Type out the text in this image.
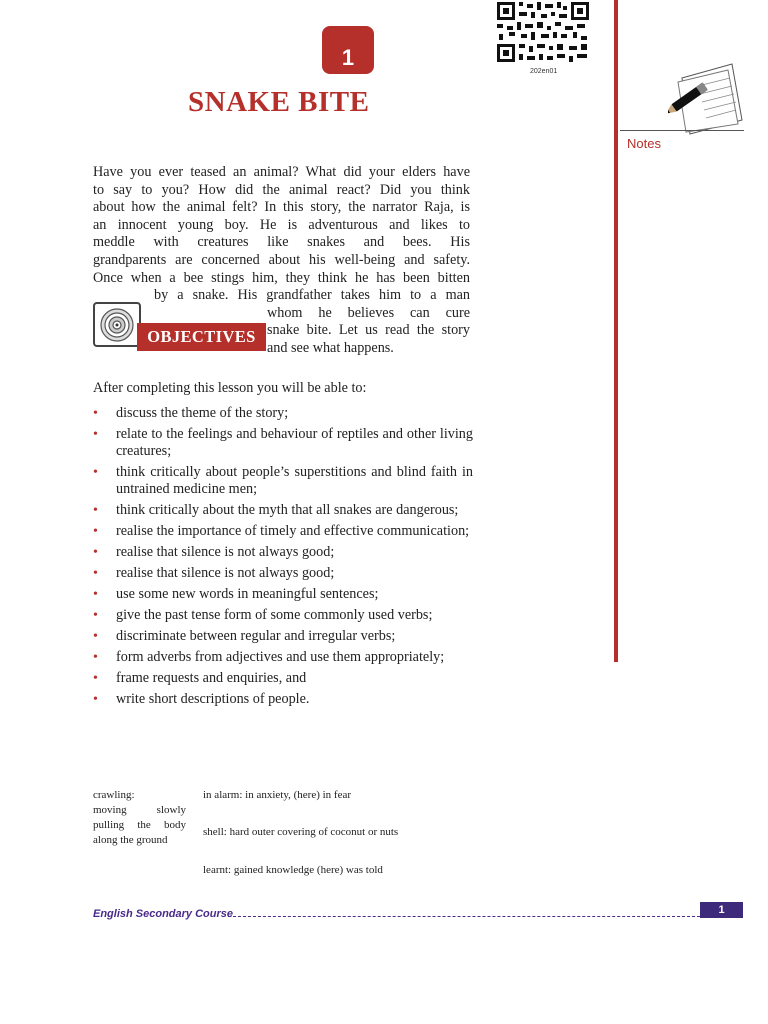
1
SNAKE BITE
202en01
Notes
Have you ever teased an animal? What did your elders have
to say to you? How did the animal react? Did you think
about how the animal felt? In this story, the narrator Raja, is
an innocent young boy. He is adventurous and likes to
meddle with creatures like snakes and bees. His
grandparents are concerned about his well-being and safety.
Once when a bee stings him, they think he has been bitten
by a snake. His grandfather takes him to a man
whom he believes can cure
snake bite. Let us read the story
and see what happens.
OBJECTIVES
After completing this lesson you will be able to:
• discuss the theme of the story;
• relate to the feelings and behaviour of reptiles and other living creatures;
• think critically about people’s superstitions and blind faith in untrained medicine men;
• think critically about the myth that all snakes are dangerous;
• realise the importance of timely and effective communication;
• realise that silence is not always good;
• realise that silence is not always good;
• use some new words in meaningful sentences;
• give the past tense form of some commonly used verbs;
• discriminate between regular and irregular verbs;
• form adverbs from adjectives and use them appropriately;
• frame requests and enquiries, and
• write short descriptions of people.
crawling:
moving slowly
pulling the body
along the ground
in alarm: in anxiety, (here) in fear
shell: hard outer covering of coconut or nuts
learnt: gained knowledge (here) was told
English Secondary Course	1
